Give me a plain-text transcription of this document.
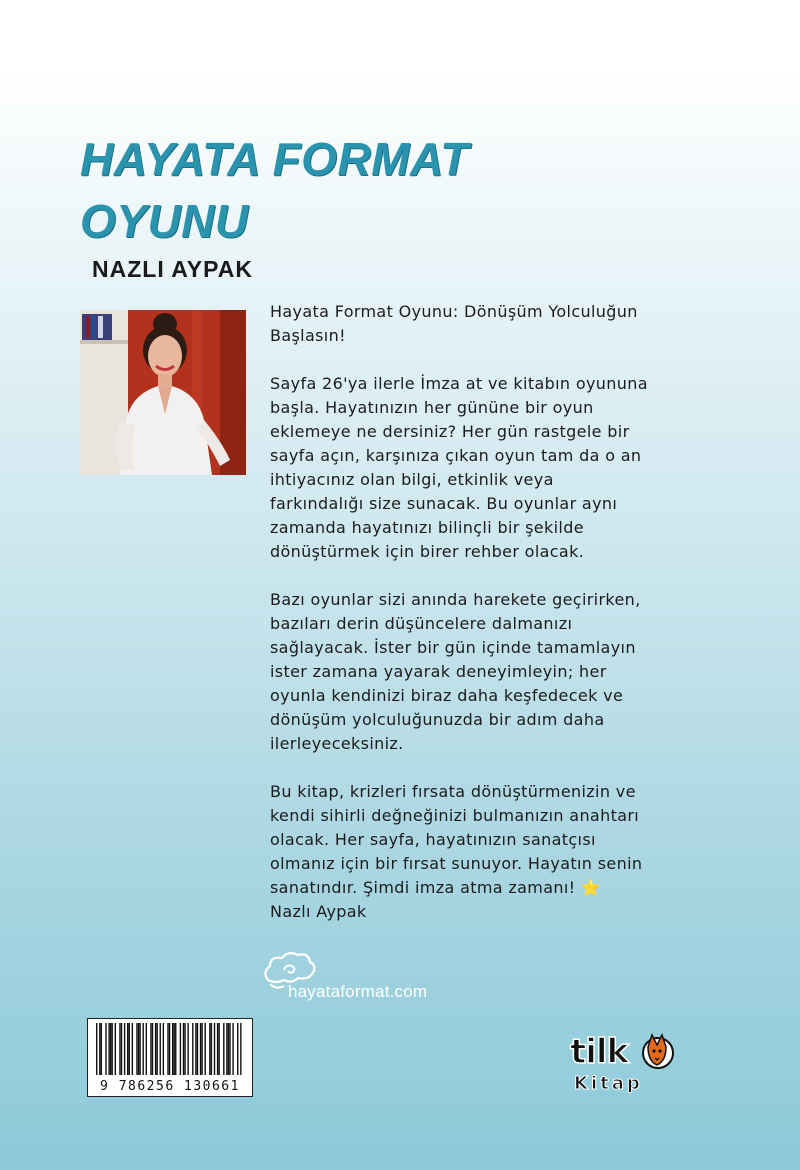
HAYATA FORMAT
OYUNU
NAZLI AYPAK

Hayata Format Oyunu: Dönüşüm Yolculuğun
Başlasın!

Sayfa 26'ya ilerle İmza at ve kitabın oyununa
başla. Hayatınızın her gününe bir oyun
eklemeye ne dersiniz? Her gün rastgele bir
sayfa açın, karşınıza çıkan oyun tam da o an
ihtiyacınız olan bilgi, etkinlik veya
farkındalığı size sunacak. Bu oyunlar aynı
zamanda hayatınızı bilinçli bir şekilde
dönüştürmek için birer rehber olacak.

Bazı oyunlar sizi anında harekete geçirirken,
bazıları derin düşüncelere dalmanızı
sağlayacak. İster bir gün içinde tamamlayın
ister zamana yayarak deneyimleyin; her
oyunla kendinizi biraz daha keşfedecek ve
dönüşüm yolculuğunuzda bir adım daha
ilerleyeceksiniz.

Bu kitap, krizleri fırsata dönüştürmenizin ve
kendi sihirli değneğinizi bulmanızın anahtarı
olacak. Her sayfa, hayatınızın sanatçısı
olmanız için bir fırsat sunuyor. Hayatın senin
sanatındır. Şimdi imza atma zamanı! ⭐

Nazlı Aypak

hayataformat.com
9 786256 130661
tilk
Kitap
